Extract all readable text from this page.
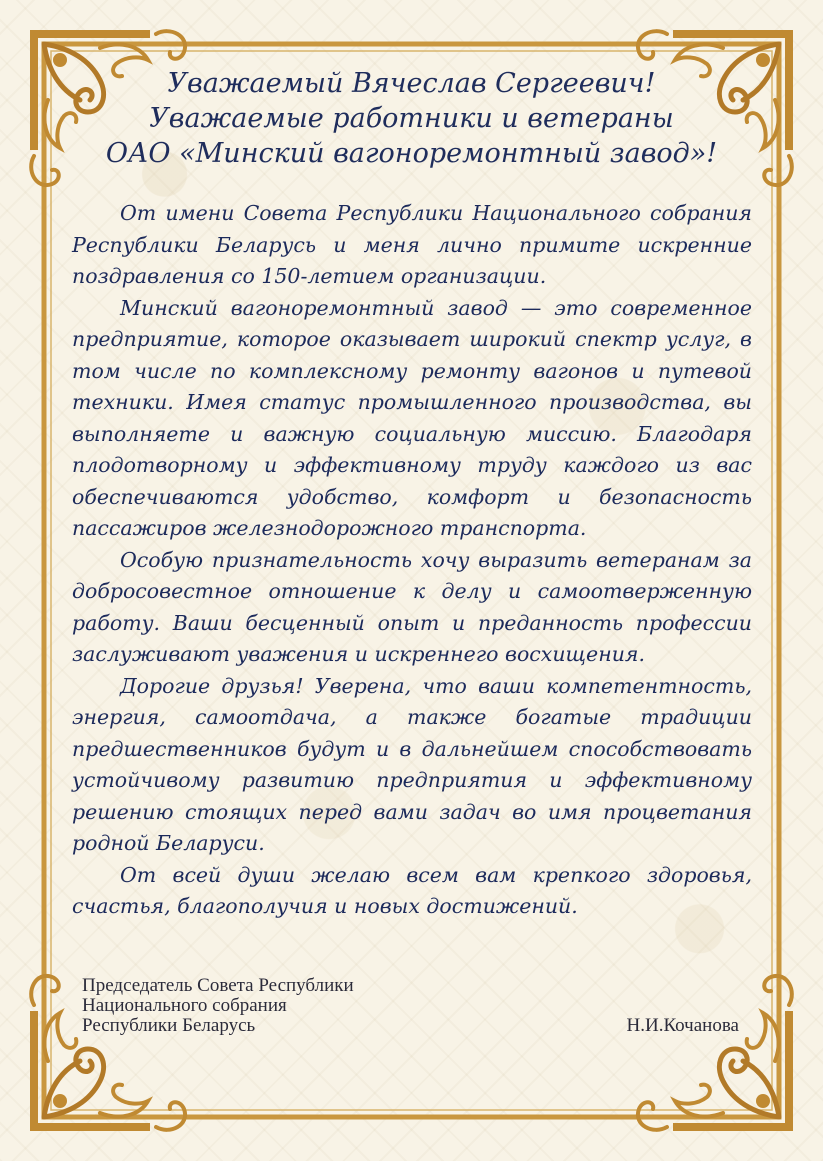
Уважаемый Вячеслав Сергеевич!
Уважаемые работники и ветераны
ОАО «Минский вагоноремонтный завод»!

От имени Совета Республики Национального собрания Республики Беларусь и меня лично примите искренние поздравления со 150-летием организации.

Минский вагоноремонтный завод — это современное предприятие, которое оказывает широкий спектр услуг, в том числе по комплексному ремонту вагонов и путевой техники. Имея статус промышленного производства, вы выполняете и важную социальную миссию. Благодаря плодотворному и эффективному труду каждого из вас обеспечиваются удобство, комфорт и безопасность пассажиров железнодорожного транспорта.

Особую признательность хочу выразить ветеранам за добросовестное отношение к делу и самоотверженную работу. Ваши бесценный опыт и преданность профессии заслуживают уважения и искреннего восхищения.

Дорогие друзья! Уверена, что ваши компетентность, энергия, самоотдача, а также богатые традиции предшественников будут и в дальнейшем способствовать устойчивому развитию предприятия и эффективному решению стоящих перед вами задач во имя процветания родной Беларуси.

От всей души желаю всем вам крепкого здоровья, счастья, благополучия и новых достижений.

Председатель Совета Республики
Национального собрания
Республики Беларусь	Н.И.Кочанова
